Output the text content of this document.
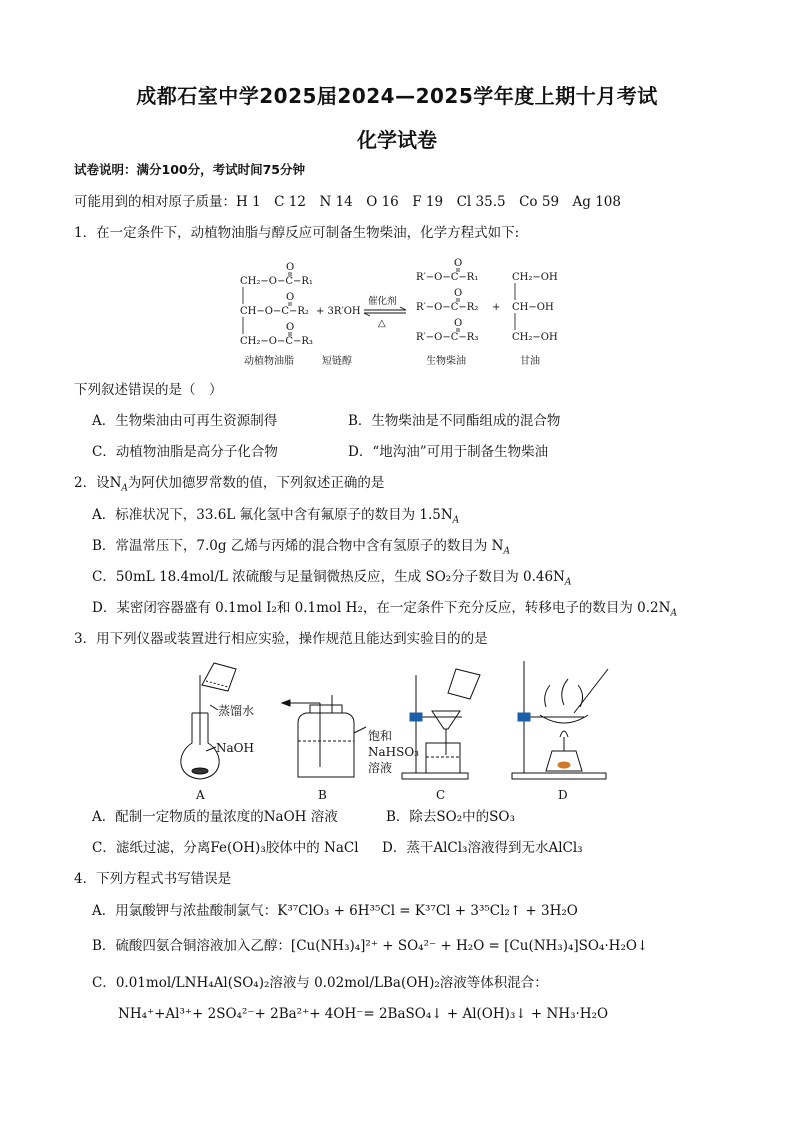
成都石室中学2025届2024—2025学年度上期十月考试
化学试卷
试卷说明：满分100分，考试时间75分钟
可能用到的相对原子质量：H 1　C 12　N 14　O 16　F 19　Cl 35.5　Co 59　Ag 108
1．在一定条件下，动植物油脂与醇反应可制备生物柴油，化学方程式如下:
CH₂−O−C−R₁
CH−O−C−R₂
CH₂−O−C−R₃
O
O
O
+ 3R′OH
催化剂
△
R′−O−C−R₁
R′−O−C−R₂
R′−O−C−R₃
O
O
O
+
CH₂−OH
CH−OH
CH₂−OH
动植物油脂	短链醇	生物柴油	甘油
下列叙述错误的是（　）
A．生物柴油由可再生资源制得	B．生物柴油是不同酯组成的混合物
C．动植物油脂是高分子化合物	D．“地沟油”可用于制备生物柴油
2．设$N_A$为阿伏加德罗常数的值，下列叙述正确的是
A．标准状况下，33.6L 氟化氢中含有氟原子的数目为 $1.5N_A$
B．常温常压下，7.0g 乙烯与丙烯的混合物中含有氢原子的数目为 $N_A$
C．50mL 18.4mol/L 浓硫酸与足量铜微热反应，生成 SO₂分子数目为 $0.46N_A$
D．某密闭容器盛有 0.1mol I₂和 0.1mol H₂，在一定条件下充分反应，转移电子的数目为 $0.2N_A$
3．用下列仪器或装置进行相应实验，操作规范且能达到实验目的的是
蒸馏水
NaOH
饱和
NaHSO₃
溶液
A	B	C	D
A．配制一定物质的量浓度的NaOH 溶液	B．除去SO₂中的SO₃
C．滤纸过滤，分离Fe(OH)₃胶体中的 NaCl D．蒸干AlCl₃溶液得到无水AlCl₃
4．下列方程式书写错误是
A．用氯酸钾与浓盐酸制氯气：K³⁷ClO₃ + 6H³⁵Cl = K³⁷Cl + 3³⁵Cl₂↑ + 3H₂O
B．硫酸四氨合铜溶液加入乙醇：[Cu(NH₃)₄]²⁺ + SO₄²⁻ + H₂O = [Cu(NH₃)₄]SO₄·H₂O↓
C．0.01mol/LNH₄Al(SO₄)₂溶液与 0.02mol/LBa(OH)₂溶液等体积混合：
NH₄⁺+Al³⁺+ 2SO₄²⁻+ 2Ba²⁺+ 4OH⁻= 2BaSO₄↓ + Al(OH)₃↓ + NH₃·H₂O
